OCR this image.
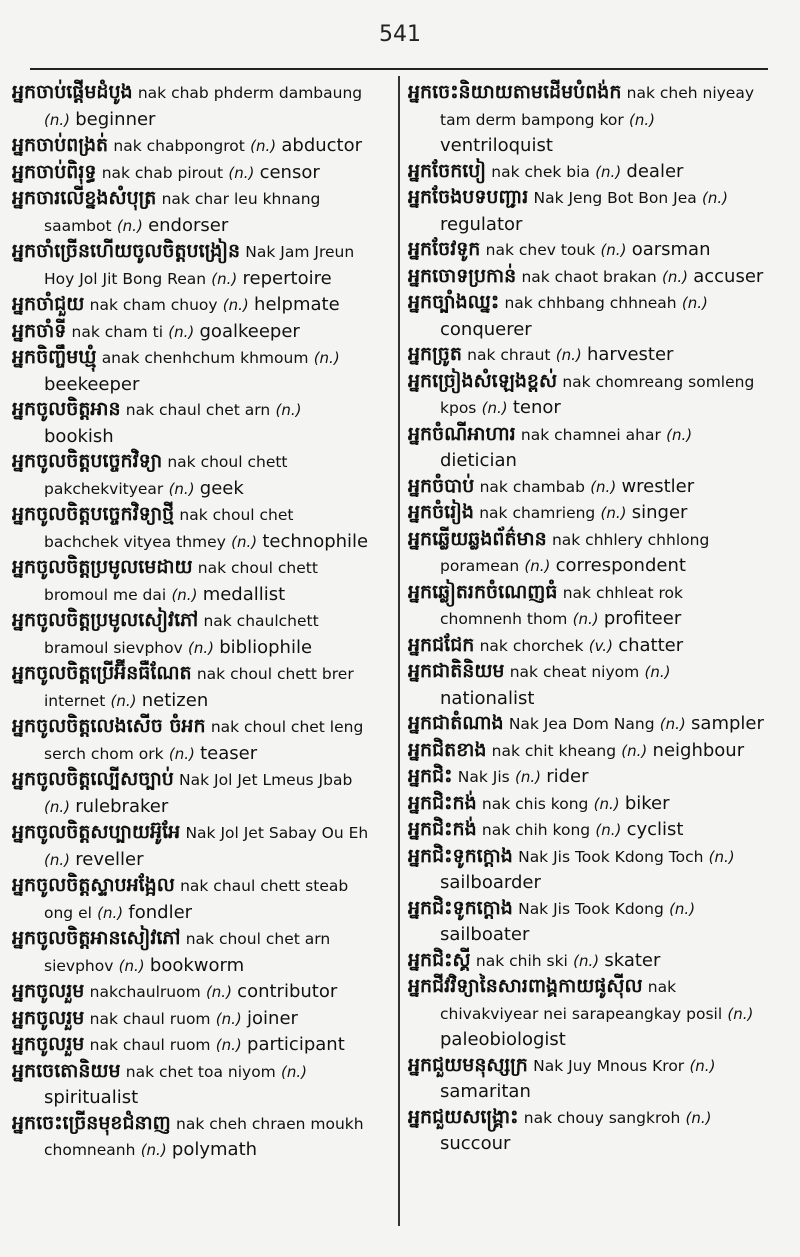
541
អ្នកចាប់ផ្តើមដំបូង nak chab phderm dambaung (n.) beginner
អ្នកចាប់ពង្រត់ nak chabpongrot (n.) abductor
អ្នកចាប់ពិរុទ្ធ nak chab pirout (n.) censor
អ្នកចារលើខ្នងសំបុត្រ nak char leu khnang saambot (n.) endorser
អ្នកចាំច្រើនហើយចូលចិត្តបង្រៀន Nak Jam Jreun Hoy Jol Jit Bong Rean (n.) repertoire
អ្នកចាំជួយ nak cham chuoy (n.) helpmate
អ្នកចាំទី nak cham ti (n.) goalkeeper
អ្នកចិញ្ចឹមឃ្មុំ anak chenhchum khmoum (n.) beekeeper
អ្នកចូលចិត្តអាន nak chaul chet arn (n.) bookish
អ្នកចូលចិត្តបច្ចេកវិទ្យា nak choul chett pakchekvityear (n.) geek
អ្នកចូលចិត្តបច្ចេកវិទ្យាថ្មី nak choul chet bachchek vityea thmey (n.) technophile
អ្នកចូលចិត្តប្រមូលមេដាយ nak choul chett bromoul me dai (n.) medallist
អ្នកចូលចិត្តប្រមូលសៀវភៅ nak chaulchett bramoul sievphov (n.) bibliophile
អ្នកចូលចិត្តប្រើអ៊ីនធឺណែត nak choul chett brer internet (n.) netizen
អ្នកចូលចិត្តលេងសើច ចំអក nak choul chet leng serch chom ork (n.) teaser
អ្នកចូលចិត្តល្បើសច្បាប់ Nak Jol Jet Lmeus Jbab (n.) rulebraker
អ្នកចូលចិត្តសប្បាយអ៊ូអែ Nak Jol Jet Sabay Ou Eh (n.) reveller
អ្នកចូលចិត្តស្ទាបអង្អែល nak chaul chett steab ong el (n.) fondler
អ្នកចូលចិត្តអានសៀវភៅ nak choul chet arn sievphov (n.) bookworm
អ្នកចូលរួម nakchaulruom (n.) contributor
អ្នកចូលរួម nak chaul ruom (n.) joiner
អ្នកចូលរួម nak chaul ruom (n.) participant
អ្នកចេតោនិយម nak chet toa niyom (n.) spiritualist
អ្នកចេះច្រើនមុខជំនាញ nak cheh chraen moukh chomneanh (n.) polymath
អ្នកចេះនិយាយតាមដើមបំពង់ក nak cheh niyeay tam derm bampong kor (n.) ventriloquist
អ្នកចែកបៀ nak chek bia (n.) dealer
អ្នកចែងបទបញ្ជារ Nak Jeng Bot Bon Jea (n.) regulator
អ្នកចែវទូក nak chev touk (n.) oarsman
អ្នកចោទប្រកាន់ nak chaot brakan (n.) accuser
អ្នកច្បាំងឈ្នះ nak chhbang chhneah (n.) conquerer
អ្នកច្រូត nak chraut (n.) harvester
អ្នកច្រៀងសំឡេងខ្ពស់ nak chomreang somleng kpos (n.) tenor
អ្នកចំណីអាហារ nak chamnei ahar (n.) dietician
អ្នកចំបាប់ nak chambab (n.) wrestler
អ្នកចំរៀង nak chamrieng (n.) singer
អ្នកឆ្លើយឆ្លងព័ត៌មាន nak chhlery chhlong poramean (n.) correspondent
អ្នកឆ្លៀតរកចំណេញធំ nak chhleat rok chomnenh thom (n.) profiteer
អ្នកជជែក nak chorchek (v.) chatter
អ្នកជាតិនិយម nak cheat niyom (n.) nationalist
អ្នកជាតំណាង Nak Jea Dom Nang (n.) sampler
អ្នកជិតខាង nak chit kheang (n.) neighbour
អ្នកជិះ Nak Jis (n.) rider
អ្នកជិះកង់ nak chis kong (n.) biker
អ្នកជិះកង់ nak chih kong (n.) cyclist
អ្នកជិះទូកក្តោង Nak Jis Took Kdong Toch (n.) sailboarder
អ្នកជិះទូកក្តោង Nak Jis Took Kdong (n.) sailboater
អ្នកជិះស្គី nak chih ski (n.) skater
អ្នកជីវវិទ្យានៃសារពាង្គកាយផូស៊ីល nak chivakviyear nei sarapeangkay posil (n.) paleobiologist
អ្នកជួយមនុស្សក្រ Nak Juy Mnous Kror (n.) samaritan
អ្នកជួយសង្គ្រោះ nak chouy sangkroh (n.) succour
